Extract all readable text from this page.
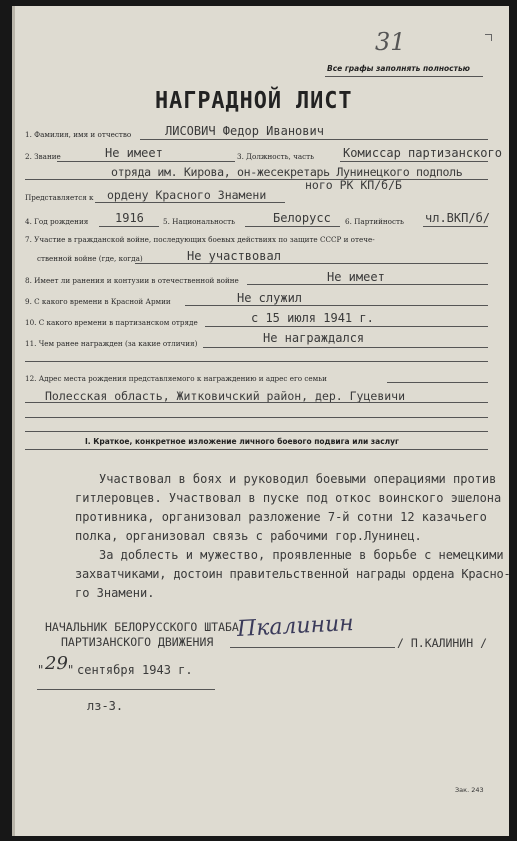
31
Все графы заполнять полностью
НАГРАДНОЙ ЛИСТ
1. Фамилия, имя и отчество	ЛИСОВИЧ Федор Иванович
2. Звание	Не имеет	3. Должность, часть Комиссар партизанского
отряда им. Кирова, он-жесекретарь Лунинецкого подполь
ного РК КП/б/Б
Представляется к ордену Красного Знамени
4. Год рождения 1916	5. Национальность	Белорусс 6. Партийность чл.ВКП/б/
7. Участие в гражданской войне, последующих боевых действиях по защите СССР и отече-
ственной войне (где, когда)	Не участвовал
8. Имеет ли ранения и контузии в отечественной войне	Не имеет
9. С какого времени в Красной Армии	Не служил
10. С какого времени в партизанском отряде	с 15 июля 1941 г.
11. Чем ранее награжден (за какие отличия)	Не награждался
12. Адрес места рождения представляемого к награждению и адрес его семьи
Полесская область, Житковичский район, дер. Гуцевичи
I. Краткое, конкретное изложение личного боевого подвига или заслуг
Участвовал в боях и руководил боевыми операциями против
гитлеровцев. Участвовал в пуске под откос воинского эшелона
противника, организовал разложение 7-й сотни 12 казачьего
полка, организовал связь с рабочими гор.Лунинец.
За доблесть и мужество, проявленные в борьбе с немецкими
захватчиками, достоин правительственной награды ордена Красно-
го Знамени.
НАЧАЛЬНИК БЕЛОРУССКОГО ШТАБА
ПАРТИЗАНСКОГО ДВИЖЕНИЯ Пкалинин
/ П.КАЛИНИН /
" 29 " сентября 1943 г.
лз-3.
Зак. 243
